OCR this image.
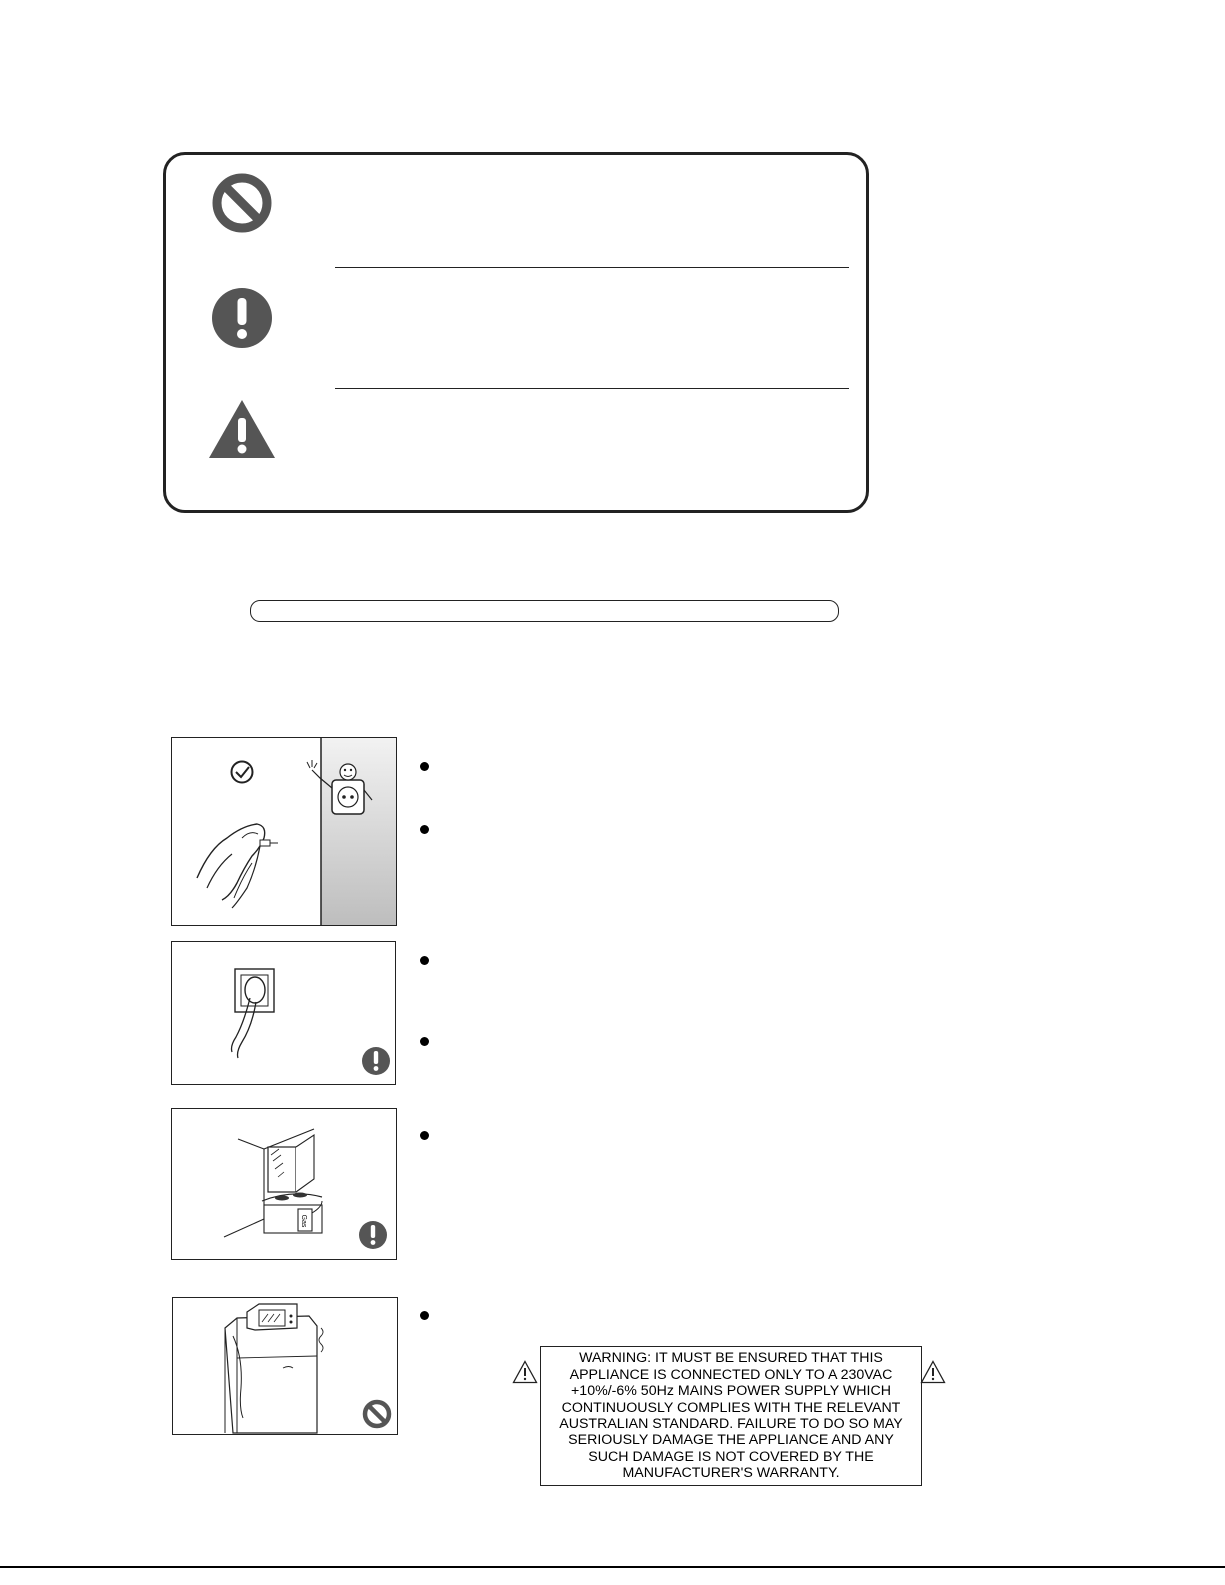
Gas
WARNING: IT MUST BE ENSURED THAT THIS APPLIANCE IS CONNECTED ONLY TO A 230VAC +10%/-6% 50Hz MAINS POWER SUPPLY WHICH CONTINUOUSLY COMPLIES WITH THE RELEVANT AUSTRALIAN STANDARD. FAILURE TO DO SO MAY SERIOUSLY DAMAGE THE APPLIANCE AND ANY SUCH DAMAGE IS NOT COVERED BY THE MANUFACTURER'S WARRANTY.
